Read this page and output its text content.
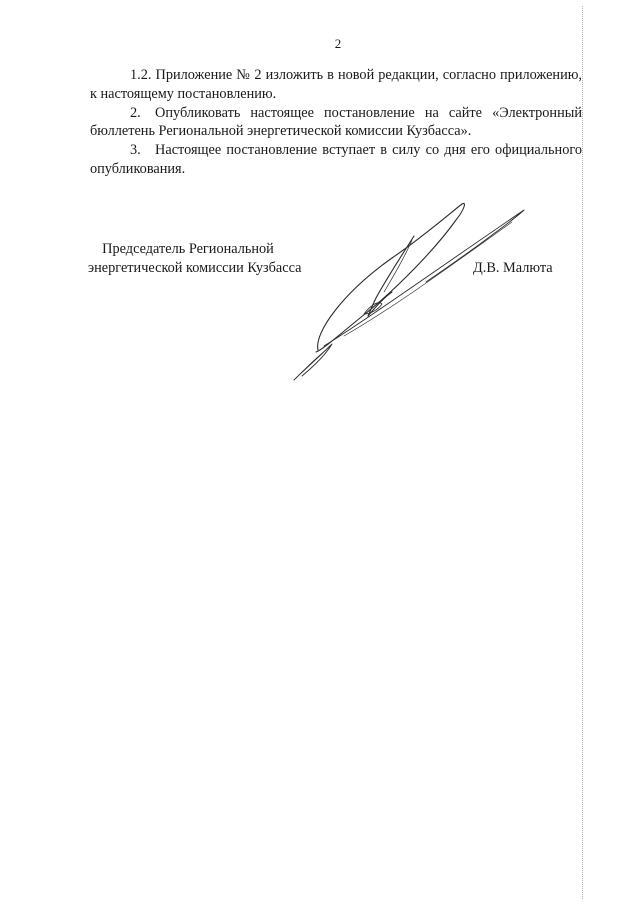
2

1.2. Приложение № 2 изложить в новой редакции, согласно приложению, к настоящему постановлению.

2. Опубликовать настоящее постановление на сайте «Электронный бюллетень Региональной энергетической комиссии Кузбасса».

3. Настоящее постановление вступает в силу со дня его официального опубликования.

Председатель Региональной
энергетической комиссии Кузбасса	Д.В. Малюта
